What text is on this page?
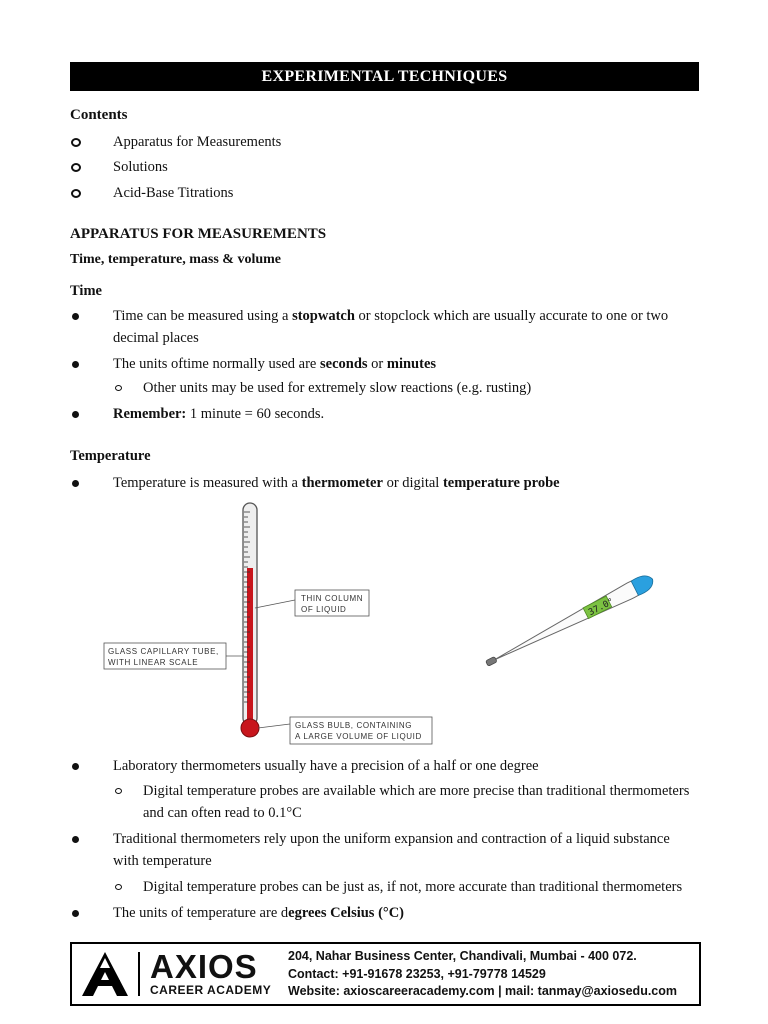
EXPERIMENTAL TECHNIQUES
Contents
Apparatus for Measurements
Solutions
Acid-Base Titrations
APPARATUS FOR MEASUREMENTS
Time, temperature, mass & volume
Time
Time can be measured using a stopwatch or stopclock which are usually accurate to one or two
decimal places
The units oftime normally used are seconds or minutes
Other units may be used for extremely slow reactions (e.g. rusting)
Remember: 1 minute = 60 seconds.
Temperature
Temperature is measured with a thermometer or digital temperature probe
THIN COLUMN
OF LIQUID
GLASS CAPILLARY TUBE,
WITH LINEAR SCALE
GLASS BULB, CONTAINING
A LARGE VOLUME OF LIQUID
37.0°
Laboratory thermometers usually have a precision of a half or one degree
Digital temperature probes are available which are more precise than traditional thermometers
and can often read to 0.1°C
Traditional thermometers rely upon the uniform expansion and contraction of a liquid substance
with temperature
Digital temperature probes can be just as, if not, more accurate than traditional thermometers
The units of temperature are degrees Celsius (°C)
AXIOS
CAREER ACADEMY
204, Nahar Business Center, Chandivali, Mumbai - 400 072.
Contact: +91-91678 23253, +91-79778 14529
Website: axioscareeracademy.com | mail: tanmay@axiosedu.com
